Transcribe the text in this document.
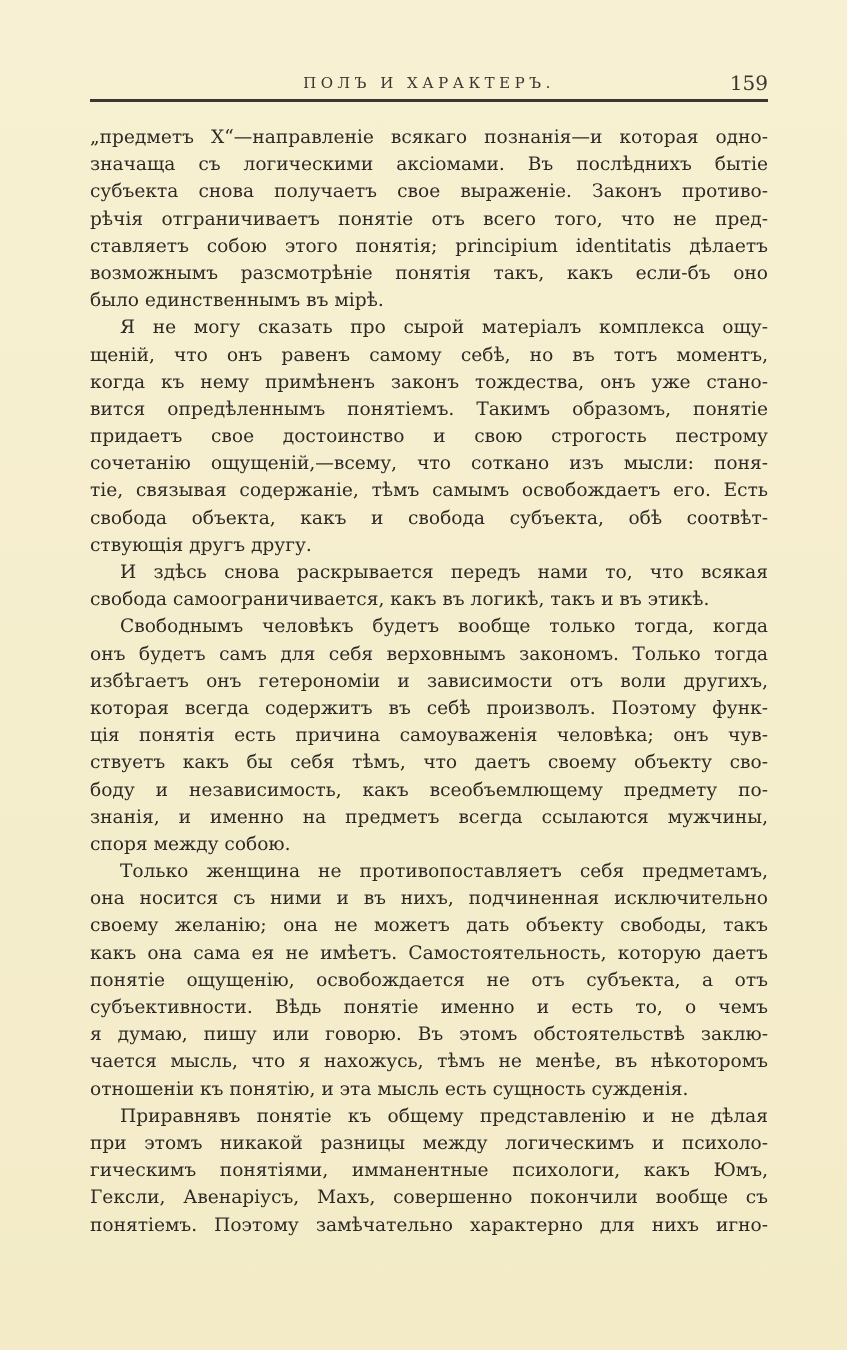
ПОЛЪ И ХАРАКТЕРЪ.	159
„предметъ X“—направленіе всякаго познанія—и которая одно-
значаща съ логическими аксіомами. Въ послѣднихъ бытіе
субъекта снова получаетъ свое выраженіе. Законъ противо-
рѣчія отграничиваетъ понятіе отъ всего того, что не пред-
ставляетъ собою этого понятія; principium identitatis дѣлаетъ
возможнымъ разсмотрѣніе понятія такъ, какъ если-бъ оно
было единственнымъ въ мірѣ.
Я не могу сказать про сырой матеріалъ комплекса ощу-
щеній, что онъ равенъ самому себѣ, но въ тотъ моментъ,
когда къ нему примѣненъ законъ тождества, онъ уже стано-
вится опредѣленнымъ понятіемъ. Такимъ образомъ, понятіе
придаетъ свое достоинство и свою строгость пестрому
сочетанію ощущеній,—всему, что соткано изъ мысли: поня-
тіе, связывая содержаніе, тѣмъ самымъ освобождаетъ его. Есть
свобода объекта, какъ и свобода субъекта, обѣ соотвѣт-
ствующія другъ другу.
И здѣсь снова раскрывается передъ нами то, что всякая
свобода самоограничивается, какъ въ логикѣ, такъ и въ этикѣ.
Свободнымъ человѣкъ будетъ вообще только тогда, когда
онъ будетъ самъ для себя верховнымъ закономъ. Только тогда
избѣгаетъ онъ гетерономіи и зависимости отъ воли другихъ,
которая всегда содержитъ въ себѣ произволъ. Поэтому функ-
ція понятія есть причина самоуваженія человѣка; онъ чув-
ствуетъ какъ бы себя тѣмъ, что даетъ своему объекту сво-
боду и независимость, какъ всеобъемлющему предмету по-
знанія, и именно на предметъ всегда ссылаются мужчины,
споря между собою.
Только женщина не противопоставляетъ себя предметамъ,
она носится съ ними и въ нихъ, подчиненная исключительно
своему желанію; она не можетъ дать объекту свободы, такъ
какъ она сама ея не имѣетъ. Самостоятельность, которую даетъ
понятіе ощущенію, освобождается не отъ субъекта, а отъ
субъективности. Вѣдь понятіе именно и есть то, о чемъ
я думаю, пишу или говорю. Въ этомъ обстоятельствѣ заклю-
чается мысль, что я нахожусь, тѣмъ не менѣе, въ нѣкоторомъ
отношеніи къ понятію, и эта мысль есть сущность сужденія.
Приравнявъ понятіе къ общему представленію и не дѣлая
при этомъ никакой разницы между логическимъ и психоло-
гическимъ понятіями, имманентные психологи, какъ Юмъ,
Гексли, Авенаріусъ, Махъ, совершенно покончили вообще съ
понятіемъ. Поэтому замѣчательно характерно для нихъ игно-
